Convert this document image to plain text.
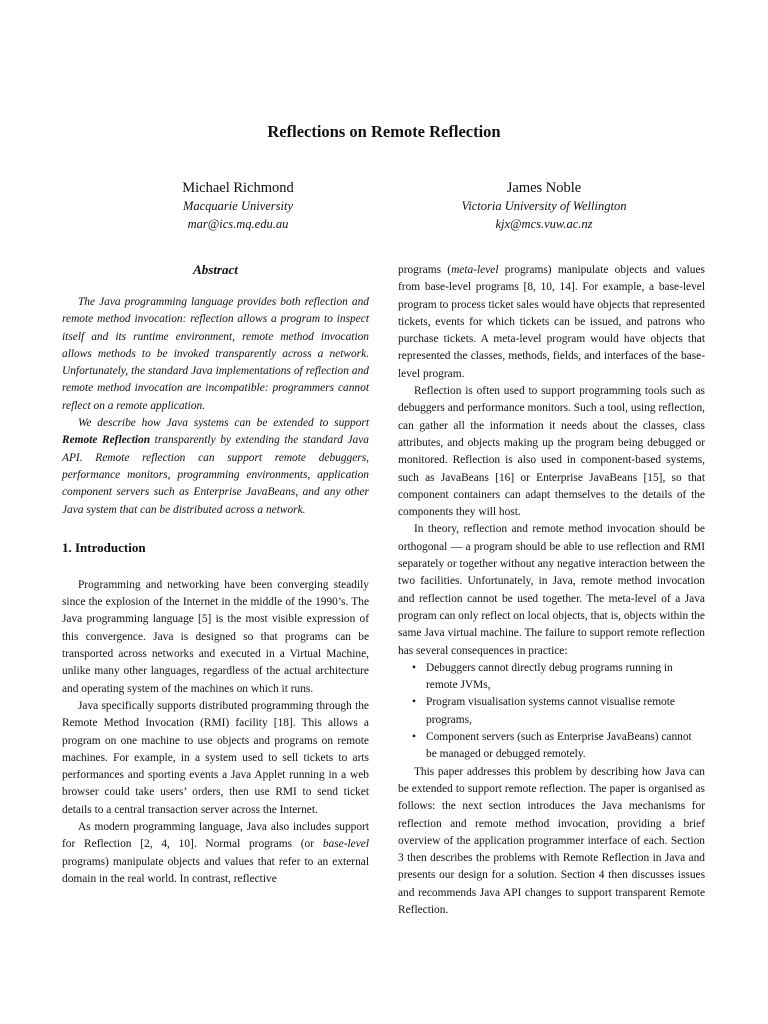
Reflections on Remote Reflection
Michael Richmond
Macquarie University
mar@ics.mq.edu.au
James Noble
Victoria University of Wellington
kjx@mcs.vuw.ac.nz
Abstract

The Java programming language provides both reflection and remote method invocation: reflection allows a program to inspect itself and its runtime environment, remote method invocation allows methods to be invoked transparently across a network. Unfortunately, the standard Java implementations of reflection and remote method invocation are incompatible: programmers cannot reflect on a remote application.

We describe how Java systems can be extended to support Remote Reflection transparently by extending the standard Java API. Remote reflection can support remote debuggers, performance monitors, programming environments, application component servers such as Enterprise JavaBeans, and any other Java system that can be distributed across a network.

1. Introduction

Programming and networking have been converging steadily since the explosion of the Internet in the middle of the 1990’s. The Java programming language [5] is the most visible expression of this convergence. Java is designed so that programs can be transported across networks and executed in a Virtual Machine, unlike many other languages, regardless of the actual architecture and operating system of the machines on which it runs.

Java specifically supports distributed programming through the Remote Method Invocation (RMI) facility [18]. This allows a program on one machine to use objects and programs on remote machines. For example, in a system used to sell tickets to arts performances and sporting events a Java Applet running in a web browser could take users’ orders, then use RMI to send ticket details to a central transaction server across the Internet.

As modern programming language, Java also includes support for Reflection [2, 4, 10]. Normal programs (or base-level programs) manipulate objects and values that refer to an external domain in the real world. In contrast, reflective

programs (meta-level programs) manipulate objects and values from base-level programs [8, 10, 14]. For example, a base-level program to process ticket sales would have objects that represented tickets, events for which tickets can be issued, and patrons who purchase tickets. A meta-level program would have objects that represented the classes, methods, fields, and interfaces of the base-level program.

Reflection is often used to support programming tools such as debuggers and performance monitors. Such a tool, using reflection, can gather all the information it needs about the classes, class attributes, and objects making up the program being debugged or monitored. Reflection is also used in component-based systems, such as JavaBeans [16] or Enterprise JavaBeans [15], so that component containers can adapt themselves to the details of the components they will host.

In theory, reflection and remote method invocation should be orthogonal — a program should be able to use reflection and RMI separately or together without any negative interaction between the two facilities. Unfortunately, in Java, remote method invocation and reflection cannot be used together. The meta-level of a Java program can only reflect on local objects, that is, objects within the same Java virtual machine. The failure to support remote reflection has several consequences in practice:

• Debuggers cannot directly debug programs running in remote JVMs,
• Program visualisation systems cannot visualise remote programs,
• Component servers (such as Enterprise JavaBeans) cannot be managed or debugged remotely.

This paper addresses this problem by describing how Java can be extended to support remote reflection. The paper is organised as follows: the next section introduces the Java mechanisms for reflection and remote method invocation, providing a brief overview of the application programmer interface of each. Section 3 then describes the problems with Remote Reflection in Java and presents our design for a solution. Section 4 then discusses issues and recommends Java API changes to support transparent Remote Reflection.
